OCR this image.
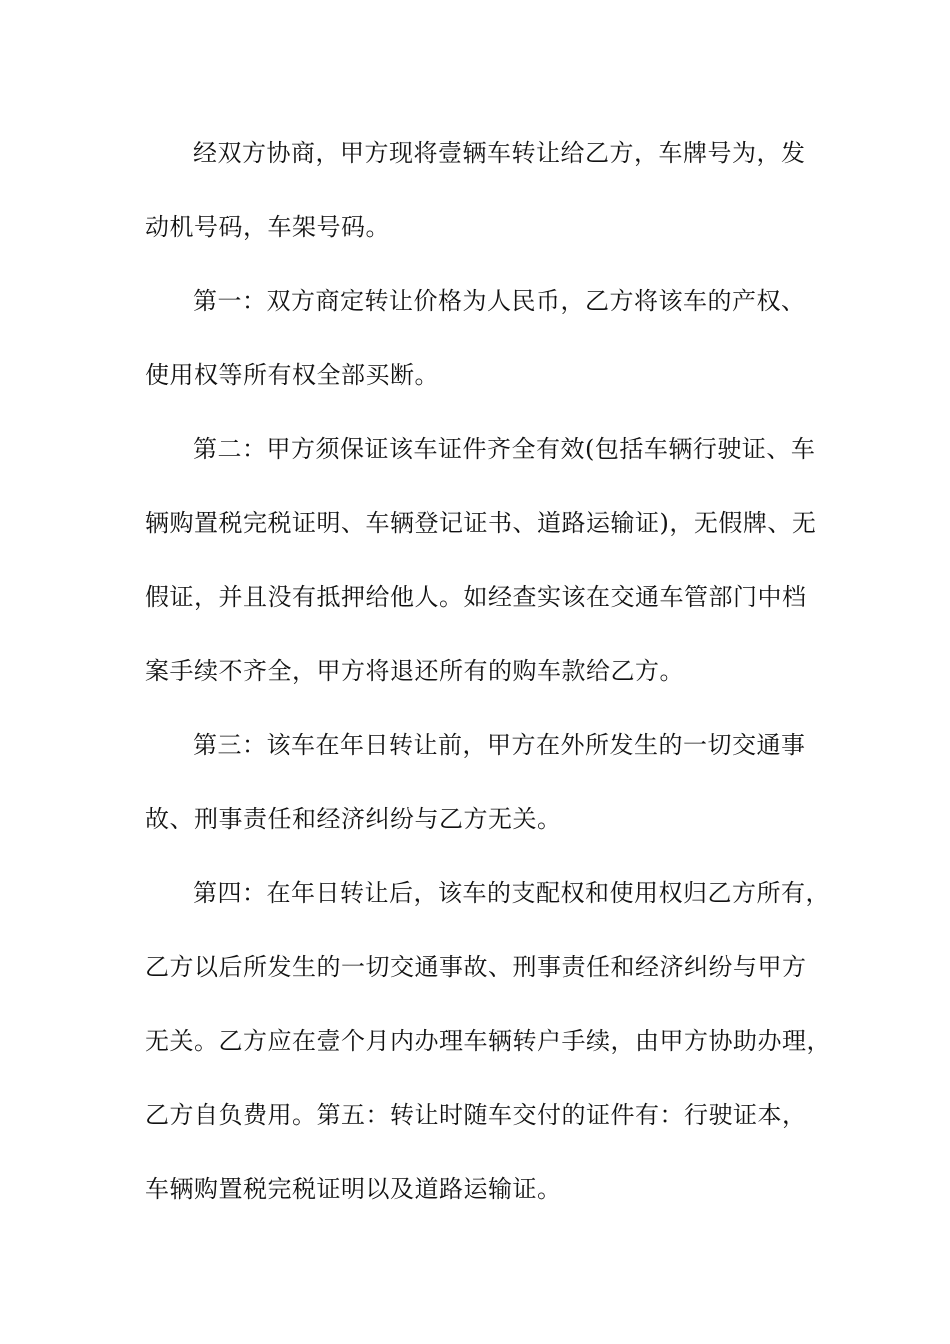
经双方协商，甲方现将壹辆车转让给乙方，车牌号为，发
动机号码，车架号码。
第一：双方商定转让价格为人民币，乙方将该车的产权、
使用权等所有权全部买断。
第二：甲方须保证该车证件齐全有效(包括车辆行驶证、车
辆购置税完税证明、车辆登记证书、道路运输证)，无假牌、无
假证，并且没有抵押给他人。如经查实该在交通车管部门中档
案手续不齐全，甲方将退还所有的购车款给乙方。
第三：该车在年日转让前，甲方在外所发生的一切交通事
故、刑事责任和经济纠纷与乙方无关。
第四：在年日转让后，该车的支配权和使用权归乙方所有，
乙方以后所发生的一切交通事故、刑事责任和经济纠纷与甲方
无关。乙方应在壹个月内办理车辆转户手续，由甲方协助办理，
乙方自负费用。第五：转让时随车交付的证件有：行驶证本，
车辆购置税完税证明以及道路运输证。
